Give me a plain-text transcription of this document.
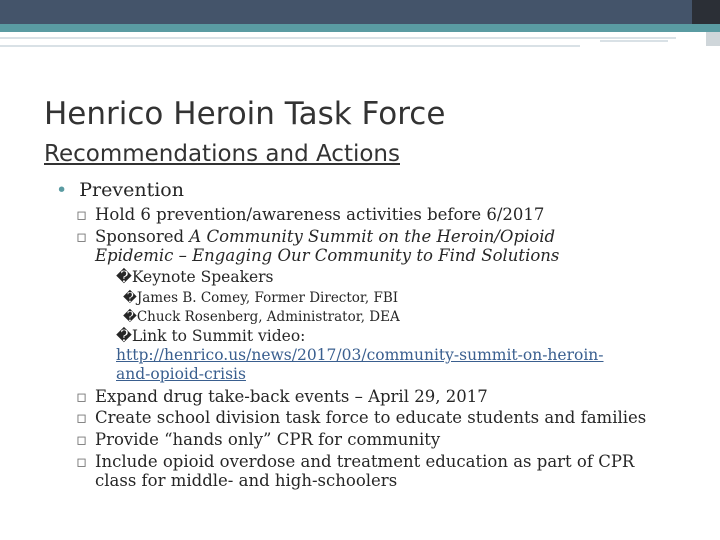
Henrico Heroin Task Force
Recommendations and Actions
• Prevention
▫ Hold 6 prevention/awareness activities before 6/2017
▫ Sponsored A Community Summit on the Heroin/Opioid
Epidemic – Engaging Our Community to Find Solutions
�Keynote Speakers
�James B. Comey, Former Director, FBI
�Chuck Rosenberg, Administrator, DEA
�Link to Summit video:
http://henrico.us/news/2017/03/community-summit-on-heroin-
and-opioid-crisis
▫ Expand drug take-back events – April 29, 2017
▫ Create school division task force to educate students and families
▫ Provide “hands only” CPR for community
▫ Include opioid overdose and treatment education as part of CPR
class for middle- and high-schoolers
